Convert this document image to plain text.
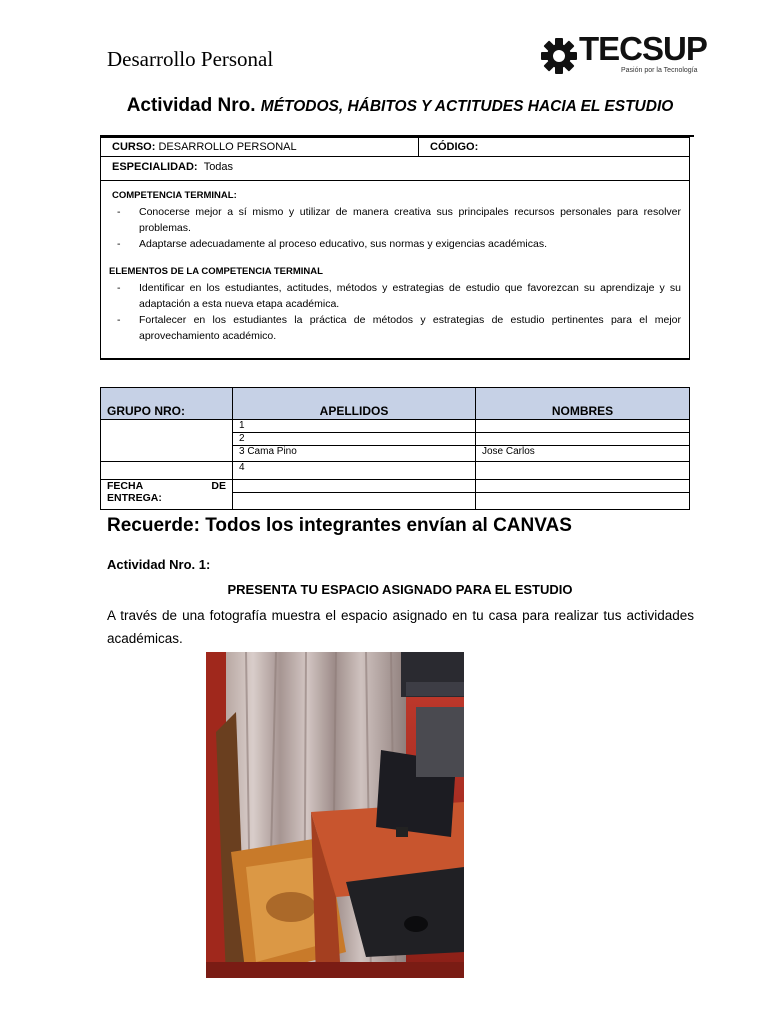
Desarrollo Personal	TECSUP
Pasión por la Tecnología
Actividad Nro. MÉTODOS, HÁBITOS Y ACTITUDES HACIA EL ESTUDIO
CURSO: DESARROLLO PERSONAL	CÓDIGO:
ESPECIALIDAD: Todas
COMPETENCIA TERMINAL:
- Conocerse mejor a sí mismo y utilizar de manera creativa sus principales recursos personales para resolver problemas.
- Adaptarse adecuadamente al proceso educativo, sus normas y exigencias académicas.
ELEMENTOS DE LA COMPETENCIA TERMINAL
- Identificar en los estudiantes, actitudes, métodos y estrategias de estudio que favorezcan su aprendizaje y su adaptación a esta nueva etapa académica.
- Fortalecer en los estudiantes la práctica de métodos y estrategias de estudio pertinentes para el mejor aprovechamiento académico.
GRUPO NRO:	APELLIDOS	NOMBRES
	1	
	2	
	3 Cama Pino	Jose Carlos
	4	

FECHA DE
ENTREGA:		

Recuerde: Todos los integrantes envían al CANVAS
Actividad Nro. 1:
PRESENTA TU ESPACIO ASIGNADO PARA EL ESTUDIO
A través de una fotografía muestra el espacio asignado en tu casa para realizar tus actividades académicas.
